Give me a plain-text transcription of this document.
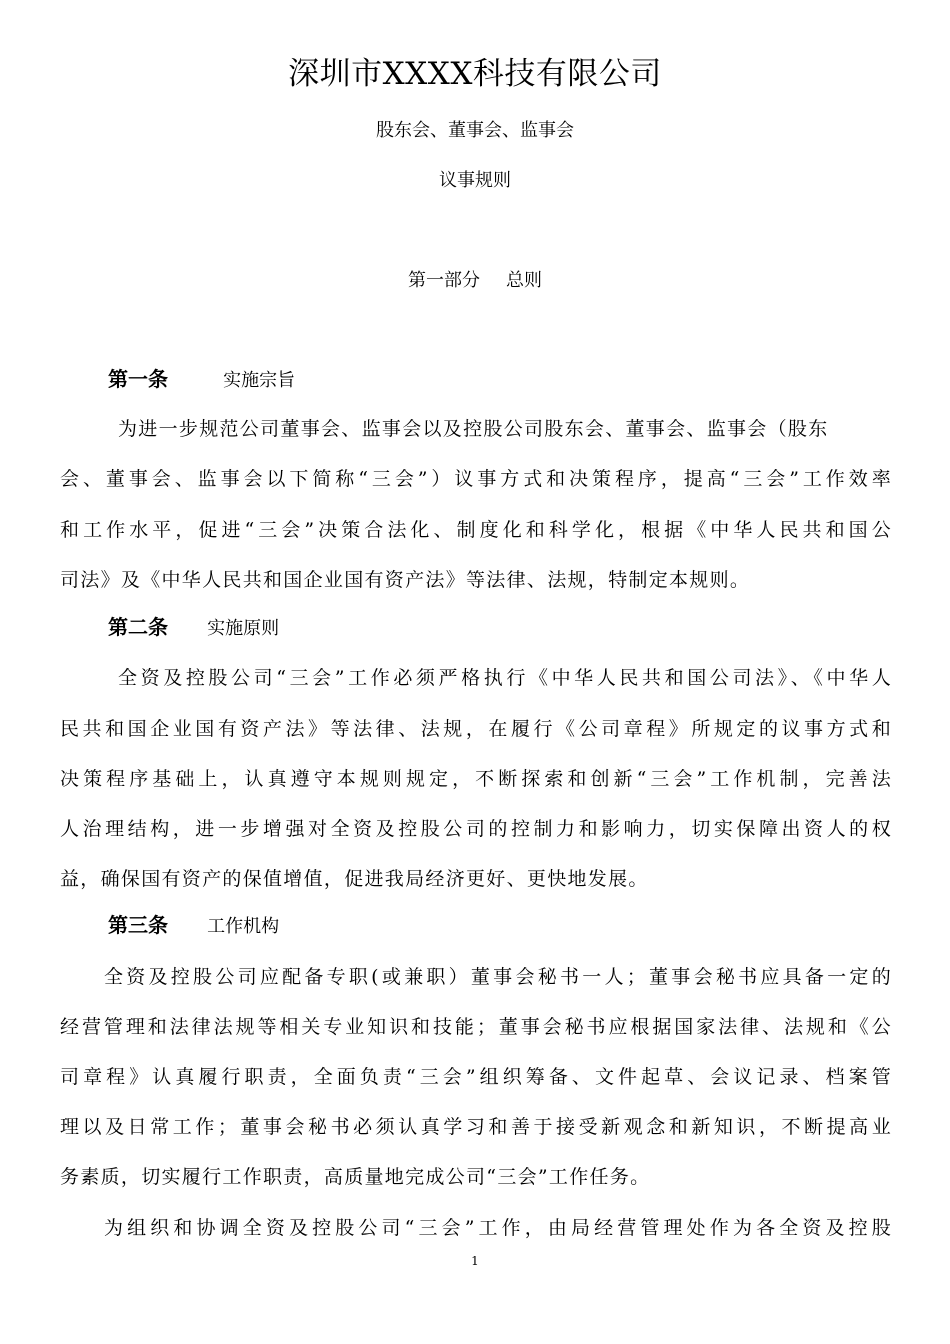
深圳市XXXX科技有限公司
股东会、董事会、监事会
议事规则
第一部分 总则
第一条	实施宗旨
为进一步规范公司董事会、监事会以及控股公司股东会、董事会、监事会（股东
会、董事会、监事会以下简称“三会”）议事方式和决策程序，提高“三会”工作效率
和工作水平，促进“三会”决策合法化、制度化和科学化，根据《中华人民共和国公
司法》及《中华人民共和国企业国有资产法》等法律、法规，特制定本规则。
第二条 实施原则
全资及控股公司“三会”工作必须严格执行《中华人民共和国公司法》、《中华人
民共和国企业国有资产法》等法律、法规，在履行《公司章程》所规定的议事方式和
决策程序基础上，认真遵守本规则规定，不断探索和创新“三会”工作机制，完善法
人治理结构，进一步增强对全资及控股公司的控制力和影响力，切实保障出资人的权
益，确保国有资产的保值增值，促进我局经济更好、更快地发展。
第三条 工作机构
全资及控股公司应配备专职(或兼职）董事会秘书一人；董事会秘书应具备一定的
经营管理和法律法规等相关专业知识和技能；董事会秘书应根据国家法律、法规和《公
司章程》认真履行职责，全面负责“三会”组织筹备、文件起草、会议记录、档案管
理以及日常工作；董事会秘书必须认真学习和善于接受新观念和新知识，不断提高业
务素质，切实履行工作职责，高质量地完成公司“三会”工作任务。
为组织和协调全资及控股公司“三会”工作，由局经营管理处作为各全资及控股
1
